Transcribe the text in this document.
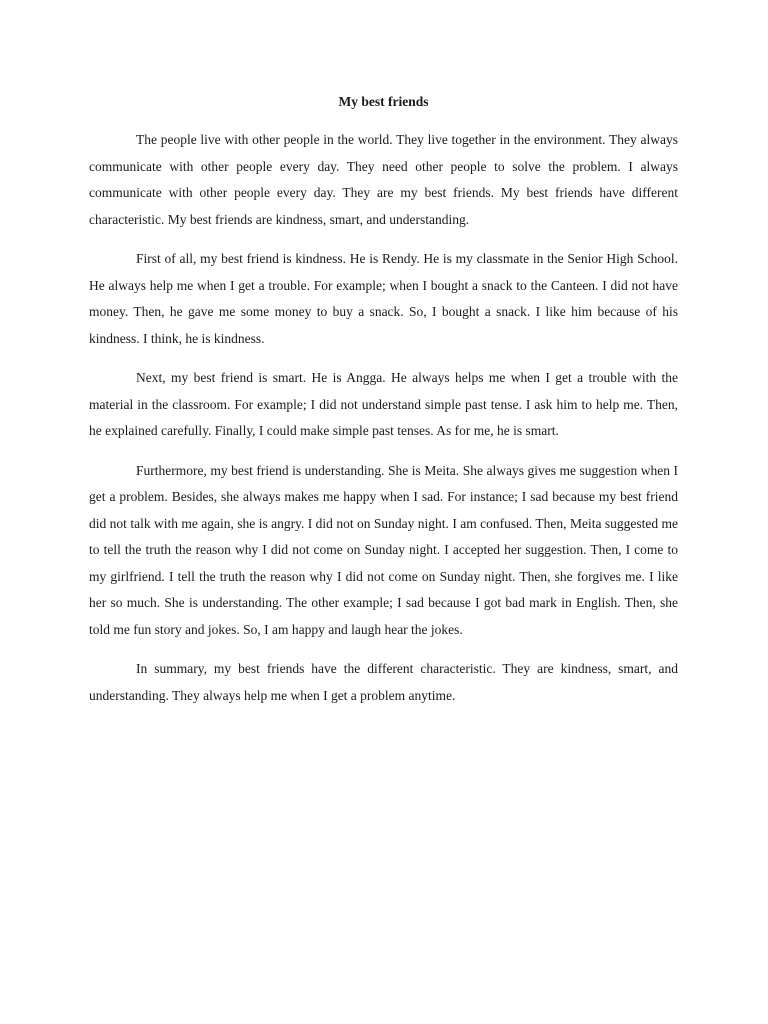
My best friends

The people live with other people in the world. They live together in the environment. They always communicate with other people every day. They need other people to solve the problem. I always communicate with other people every day. They are my best friends. My best friends have different characteristic. My best friends are kindness, smart, and understanding.

First of all, my best friend is kindness. He is Rendy. He is my classmate in the Senior High School. He always help me when I get a trouble. For example; when I bought a snack to the Canteen. I did not have money. Then, he gave me some money to buy a snack. So, I bought a snack. I like him because of his kindness. I think, he is kindness.

Next, my best friend is smart. He is Angga. He always helps me when I get a trouble with the material in the classroom. For example; I did not understand simple past tense. I ask him to help me. Then, he explained carefully. Finally, I could make simple past tenses. As for me, he is smart.

Furthermore, my best friend is understanding. She is Meita. She always gives me suggestion when I get a problem. Besides, she always makes me happy when I sad. For instance; I sad because my best friend did not talk with me again, she is angry. I did not on Sunday night. I am confused. Then, Meita suggested me to tell the truth the reason why I did not come on Sunday night. I accepted her suggestion. Then, I come to my girlfriend. I tell the truth the reason why I did not come on Sunday night. Then, she forgives me. I like her so much. She is understanding. The other example; I sad because I got bad mark in English. Then, she told me fun story and jokes. So, I am happy and laugh hear the jokes.

In summary, my best friends have the different characteristic. They are kindness, smart, and understanding. They always help me when I get a problem anytime.
